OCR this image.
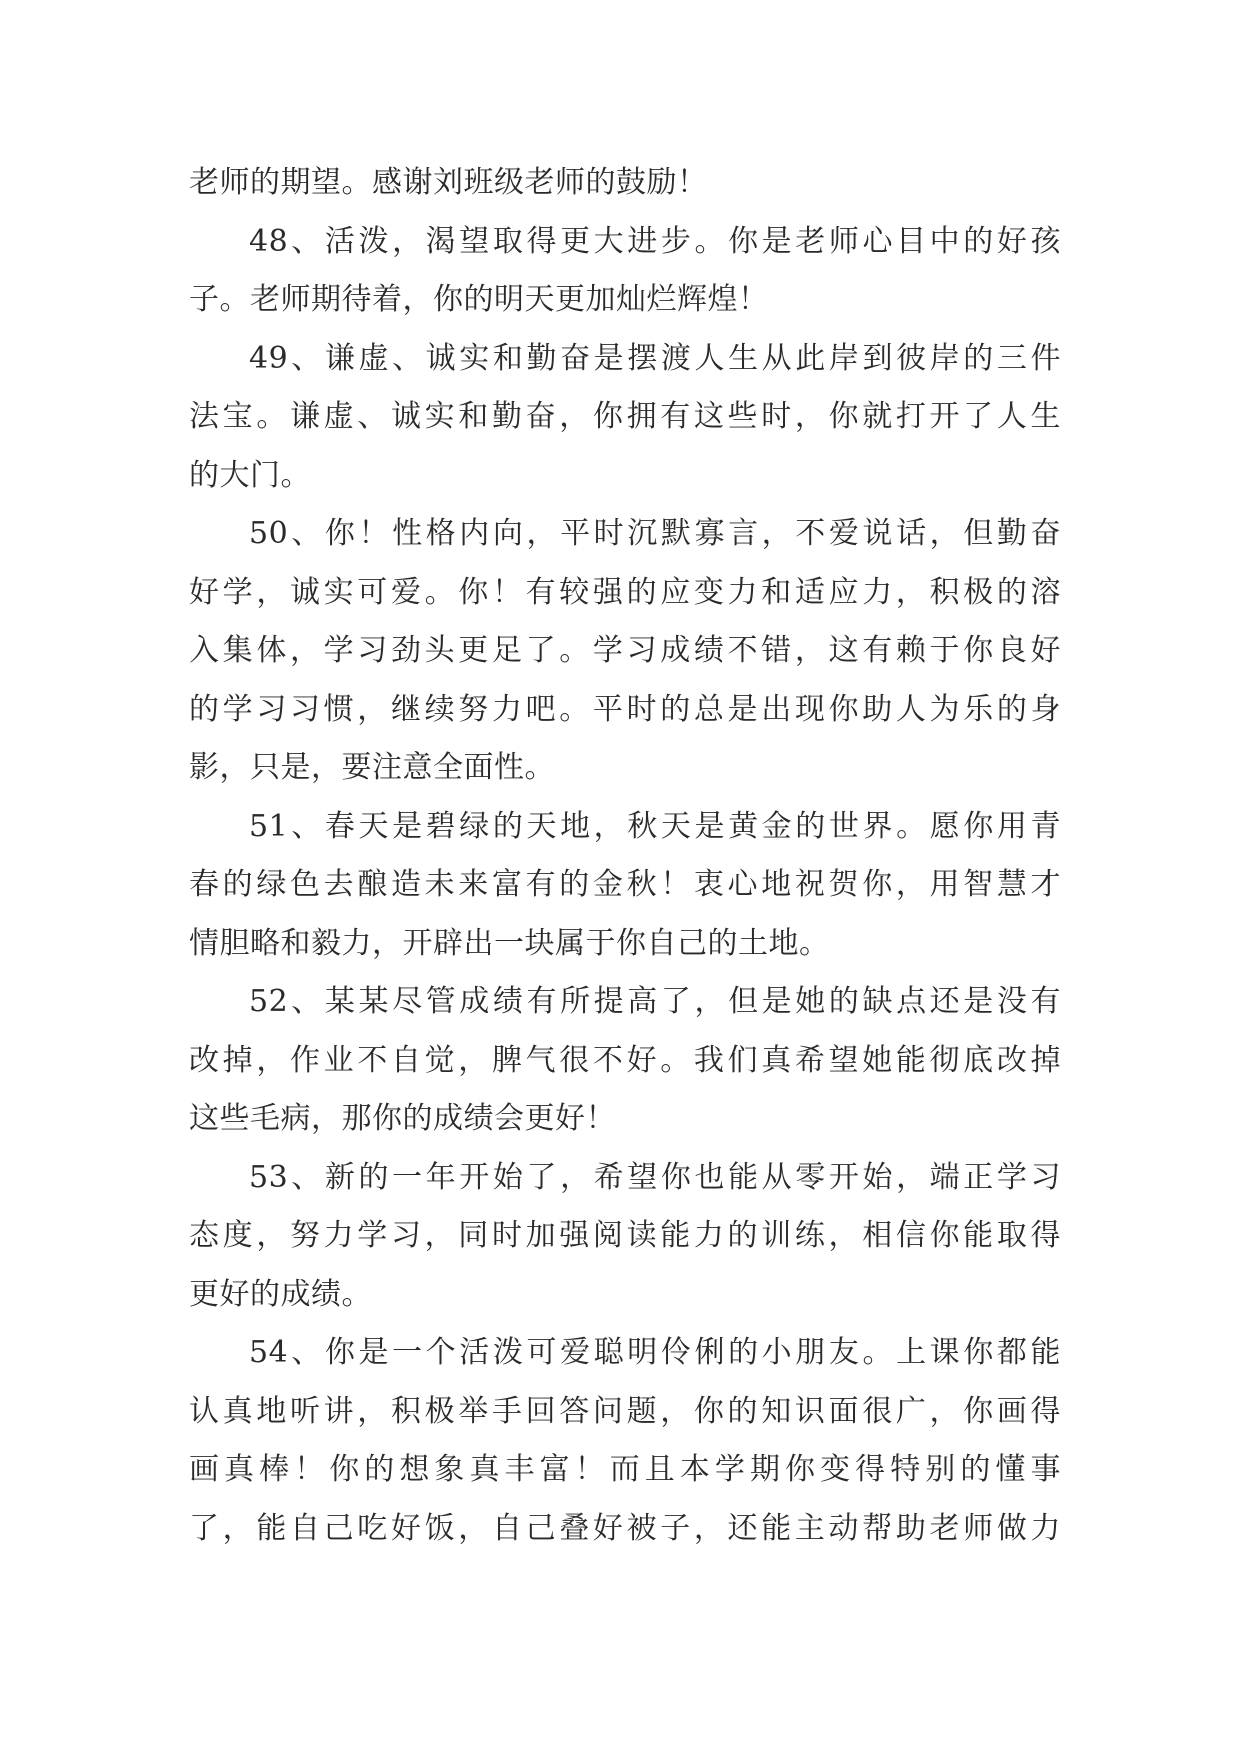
老师的期望。感谢刘班级老师的鼓励！
48、活泼，渴望取得更大进步。你是老师心目中的好孩
子。老师期待着，你的明天更加灿烂辉煌！
49、谦虚、诚实和勤奋是摆渡人生从此岸到彼岸的三件
法宝。谦虚、诚实和勤奋，你拥有这些时，你就打开了人生
的大门。
50、你！性格内向，平时沉默寡言，不爱说话，但勤奋
好学，诚实可爱。你！有较强的应变力和适应力，积极的溶
入集体，学习劲头更足了。学习成绩不错，这有赖于你良好
的学习习惯，继续努力吧。平时的总是出现你助人为乐的身
影，只是，要注意全面性。
51、春天是碧绿的天地，秋天是黄金的世界。愿你用青
春的绿色去酿造未来富有的金秋！衷心地祝贺你，用智慧才
情胆略和毅力，开辟出一块属于你自己的土地。
52、某某尽管成绩有所提高了，但是她的缺点还是没有
改掉，作业不自觉，脾气很不好。我们真希望她能彻底改掉
这些毛病，那你的成绩会更好！
53、新的一年开始了，希望你也能从零开始，端正学习
态度，努力学习，同时加强阅读能力的训练，相信你能取得
更好的成绩。
54、你是一个活泼可爱聪明伶俐的小朋友。上课你都能
认真地听讲，积极举手回答问题，你的知识面很广，你画得
画真棒！你的想象真丰富！而且本学期你变得特别的懂事
了，能自己吃好饭，自己叠好被子，还能主动帮助老师做力
